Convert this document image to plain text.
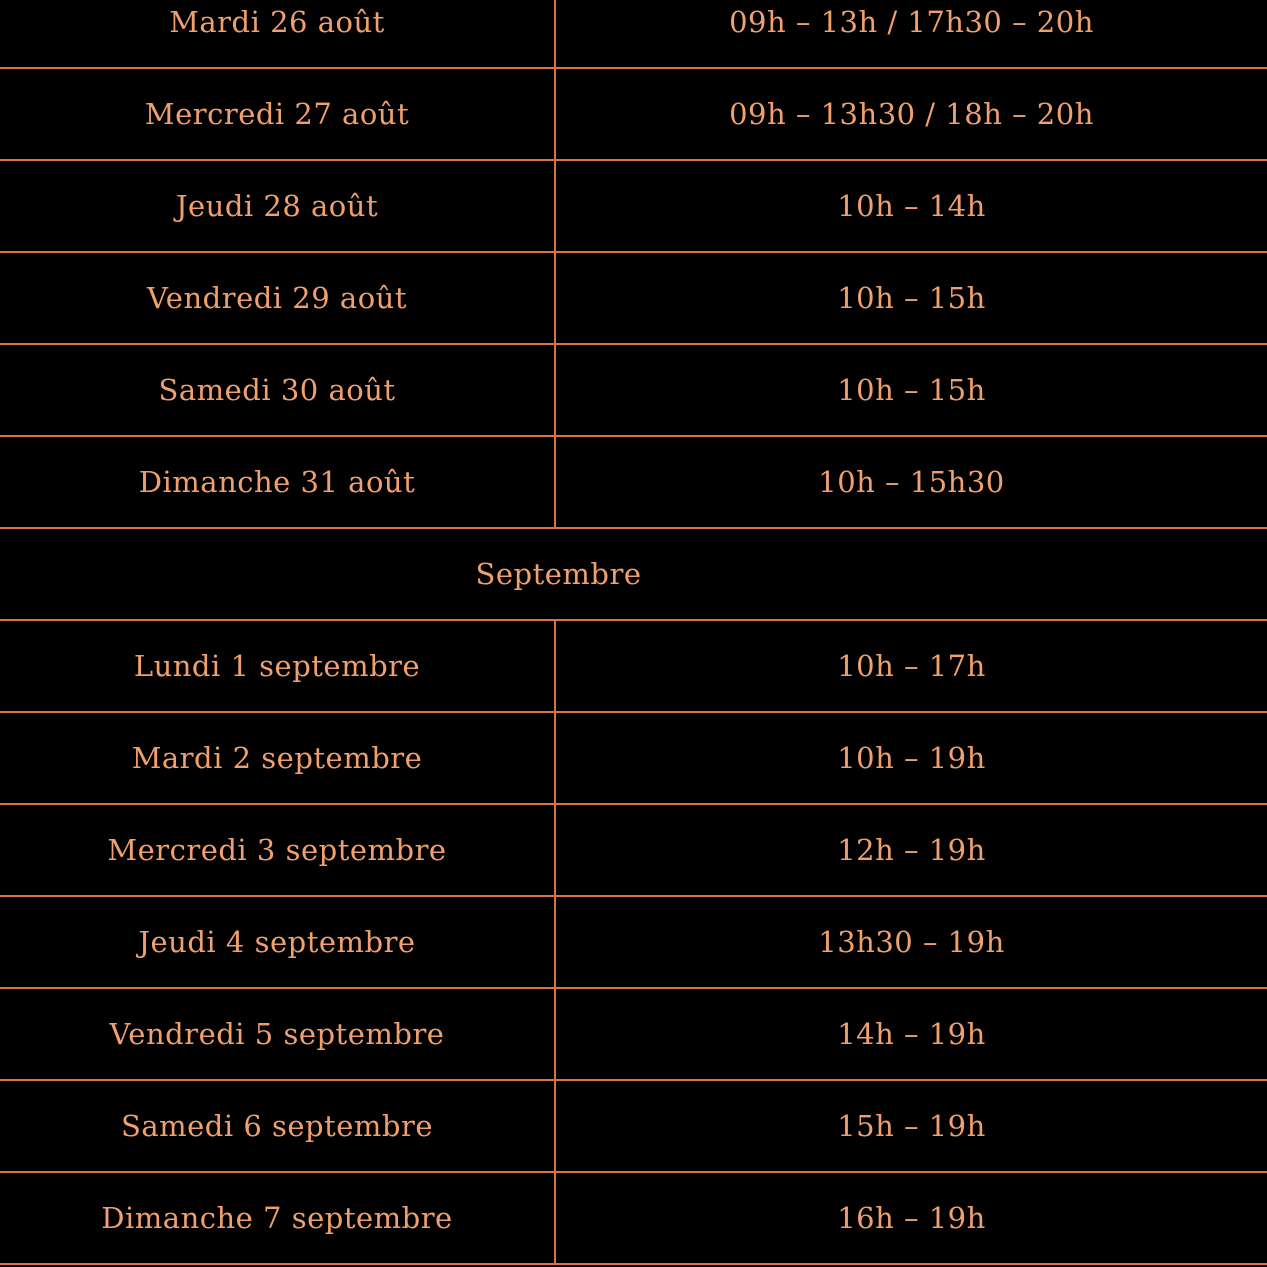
Mardi 26 août	09h – 13h / 17h30 – 20h
Mercredi 27 août	09h – 13h30 / 18h – 20h
Jeudi 28 août	10h – 14h
Vendredi 29 août	10h – 15h
Samedi 30 août	10h – 15h
Dimanche 31 août	10h – 15h30
Septembre	
Lundi 1 septembre	10h – 17h
Mardi 2 septembre	10h – 19h
Mercredi 3 septembre	12h – 19h
Jeudi 4 septembre	13h30 – 19h
Vendredi 5 septembre	14h – 19h
Samedi 6 septembre	15h – 19h
Dimanche 7 septembre	16h – 19h
